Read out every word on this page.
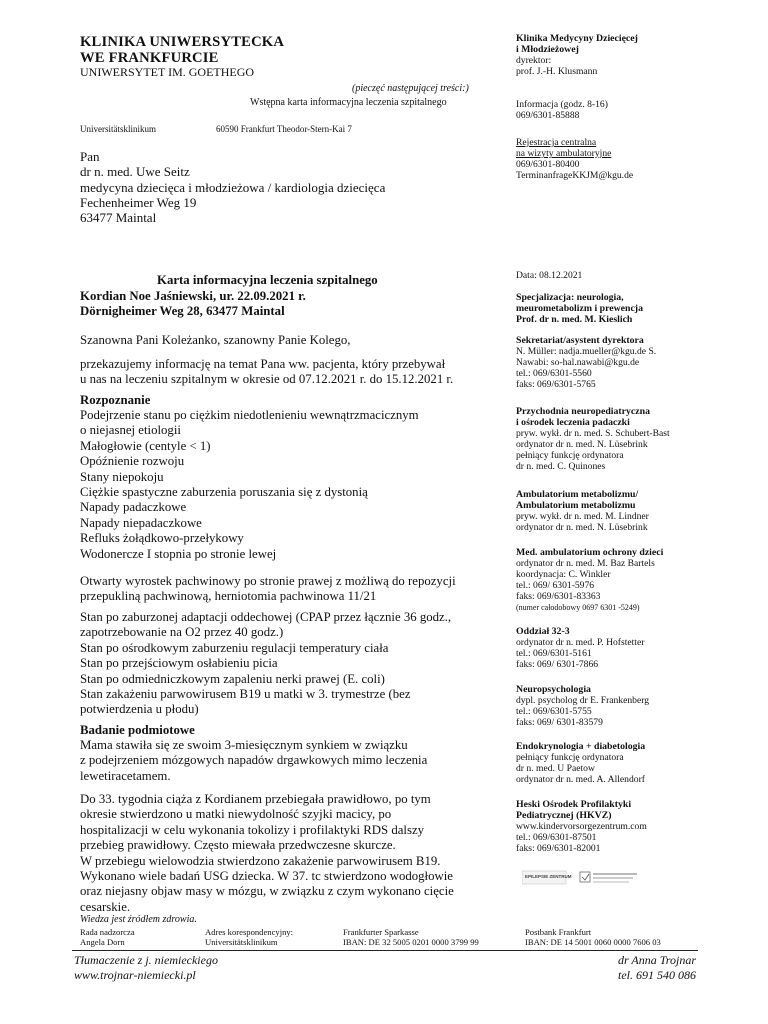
KLINIKA UNIWERSYTECKA
WE FRANKFURCIE
UNIWERSYTET IM. GOETHEGO
(pieczęć następującej treści:)
Wstępna karta informacyjna leczenia szpitalnego
Universitätsklinikum	60590 Frankfurt Theodor-Stern-Kai 7
Pan
dr n. med. Uwe Seitz
medycyna dziecięca i młodzieżowa / kardiologia dziecięca
Fechenheimer Weg 19
63477 Maintal
Karta informacyjna leczenia szpitalnego
Kordian Noe Jaśniewski, ur. 22.09.2021 r.
Dörnigheimer Weg 28, 63477 Maintal
Szanowna Pani Koleżanko, szanowny Panie Kolego,
przekazujemy informację na temat Pana ww. pacjenta, który przebywał
u nas na leczeniu szpitalnym w okresie od 07.12.2021 r. do 15.12.2021 r.
Rozpoznanie
Podejrzenie stanu po ciężkim niedotlenieniu wewnątrzmacicznym
o niejasnej etiologii
Małogłowie (centyle < 1)
Opóźnienie rozwoju
Stany niepokoju
Ciężkie spastyczne zaburzenia poruszania się z dystonią
Napady padaczkowe
Napady niepadaczkowe
Refluks żołądkowo-przełykowy
Wodonercze I stopnia po stronie lewej
Otwarty wyrostek pachwinowy po stronie prawej z możliwą do repozycji
przepukliną pachwinową, herniotomia pachwinowa 11/21
Stan po zaburzonej adaptacji oddechowej (CPAP przez łącznie 36 godz.,
zapotrzebowanie na O2 przez 40 godz.)
Stan po ośrodkowym zaburzeniu regulacji temperatury ciała
Stan po przejściowym osłabieniu picia
Stan po odmiedniczkowym zapaleniu nerki prawej (E. coli)
Stan zakażeniu parwowirusem B19 u matki w 3. trymestrze (bez
potwierdzenia u płodu)
Badanie podmiotowe
Mama stawiła się ze swoim 3-miesięcznym synkiem w związku
z podejrzeniem mózgowych napadów drgawkowych mimo leczenia
lewetiracetamem.
Do 33. tygodnia ciąża z Kordianem przebiegała prawidłowo, po tym
okresie stwierdzono u matki niewydolność szyjki macicy, po
hospitalizacji w celu wykonania tokolizy i profilaktyki RDS dalszy
przebieg prawidłowy. Często miewała przedwczesne skurcze.
W przebiegu wielowodzia stwierdzono zakażenie parwowirusem B19.
Wykonano wiele badań USG dziecka. W 37. tc stwierdzono wodogłowie
oraz niejasny objaw masy w mózgu, w związku z czym wykonano cięcie
cesarskie.
Klinika Medycyny Dziecięcej
i Młodzieżowej
dyrektor:
prof. J.-H. Klusmann
Informacja (godz. 8-16)
069/6301-85888
Rejestracja centralna
na wizyty ambulatoryjne
069/6301-80400
TerminanfrageKKJM@kgu.de
Data: 08.12.2021
Specjalizacja: neurologia,
meurometabolizm i prewencja
Prof. dr n. med. M. Kieslich
Sekretariat/asystent dyrektora
N. Müller: nadja.mueller@kgu.de S.
Nawabi: so-hal.nawabi@kgu.de
tel.: 069/6301-5560
faks: 069/6301-5765
Przychodnia neuropediatryczna
i ośrodek leczenia padaczki
pryw. wykł. dr n. med. S. Schubert-Bast
ordynator dr n. med. N. Lüsebrink
pełniący funkcję ordynatora
dr n. med. C. Quinones
Ambulatorium metabolizmu/
Ambulatorium metabolizmu
pryw. wykł. dr n. med. M. Lindner
ordynator dr n. med. N. Lüsebrink
Med. ambulatorium ochrony dzieci
ordynator dr n. med. M. Baz Bartels
koordynacja: C. Winkler
tel.: 069/ 6301-5976
faks: 069/6301-83363
(numer całodobowy 0697 6301 -5249)
Oddział 32-3
ordynator dr n. med. P. Hofstetter
tel.: 069/6301-5161
faks: 069/ 6301-7866
Neuropsychologia
dypl. psycholog dr E. Frankenberg
tel.: 069/6301-5755
faks: 069/ 6301-83579
Endokrynologia + diabetologia
pełniący funkcję ordynatora
dr n. med. U Paetow
ordynator dr n. med. A. Allendorf
Heski Ośrodek Profilaktyki
Pediatrycznej (HKVZ)
www.kindervorsorgezentrum.com
tel.: 069/6301-87501
faks: 069/6301-82001
EPILEPSIE ZENTRUM
Wiedza jest źródłem zdrowia.
Rada nadzorcza
Angela Dorn
Adres korespondencyjny:
Universitätsklinikum
Frankfurter Sparkasse
IBAN: DE 32 5005 0201 0000 3799 99
Postbank Frankfurt
IBAN: DE 14 5001 0060 0000 7606 03
Tłumaczenie z j. niemieckiego
www.trojnar-niemiecki.pl
dr Anna Trojnar
tel. 691 540 086
